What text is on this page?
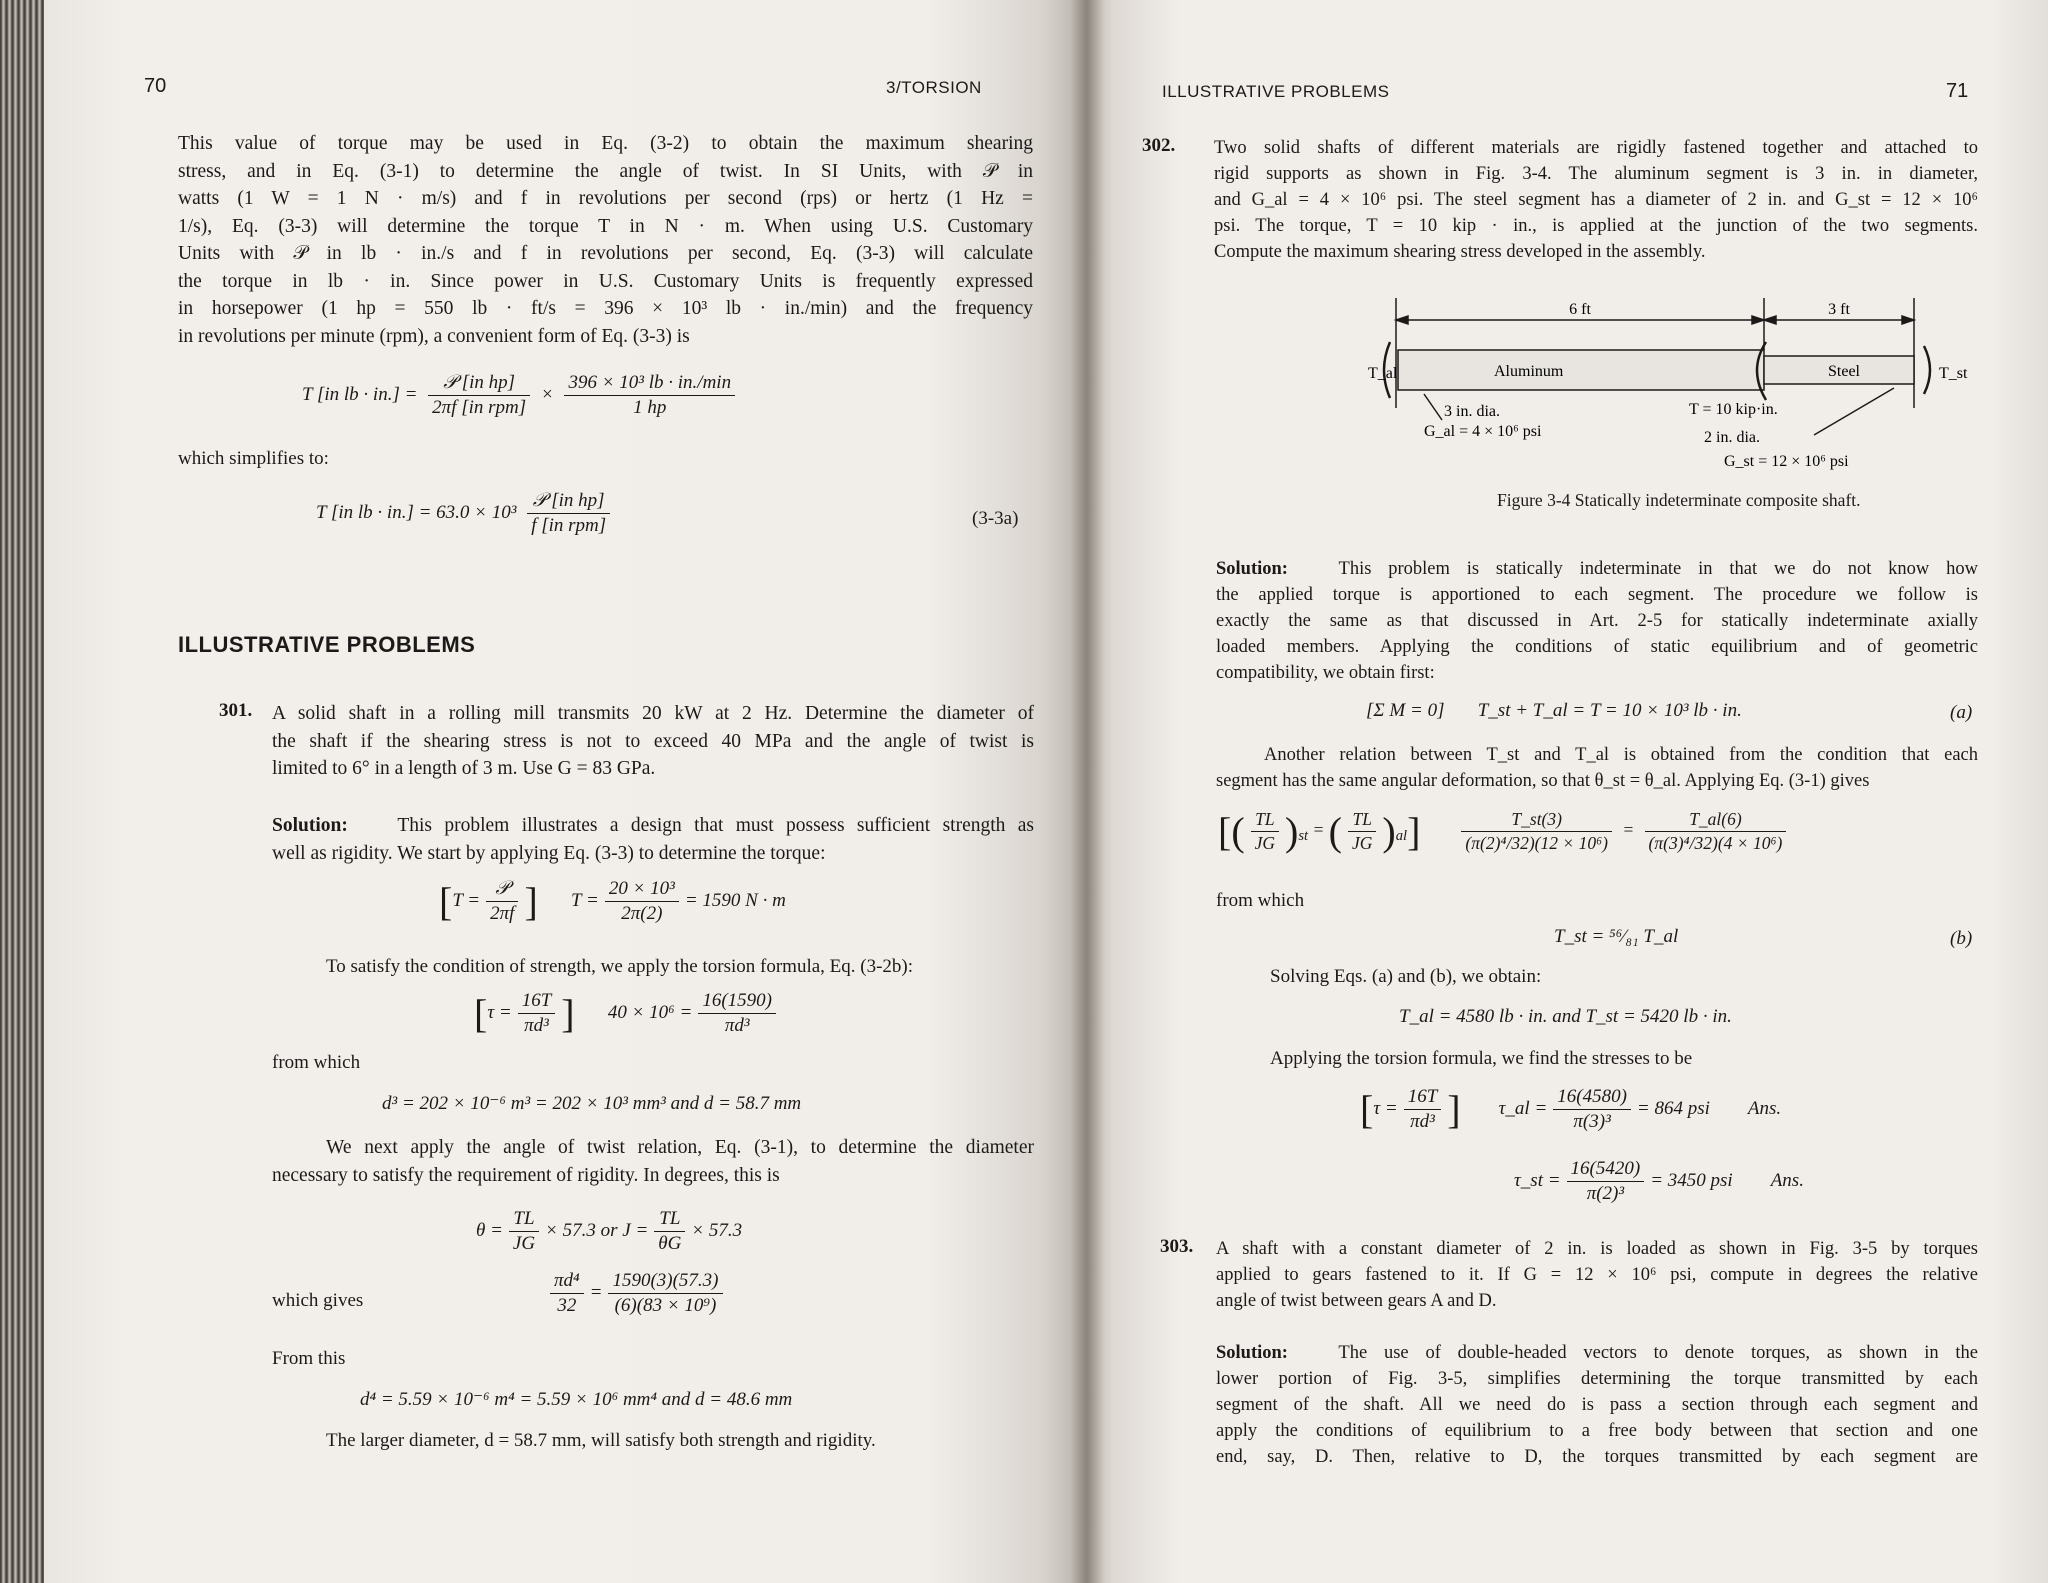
70	3/TORSION
This value of torque may be used in Eq. (3-2) to obtain the maximum shearing
stress, and in Eq. (3-1) to determine the angle of twist. In SI Units, with 𝒫 in
watts (1 W = 1 N · m/s) and f in revolutions per second (rps) or hertz (1 Hz =
1/s), Eq. (3-3) will determine the torque T in N · m. When using U.S. Customary
Units with 𝒫 in lb · in./s and f in revolutions per second, Eq. (3-3) will calculate
the torque in lb · in. Since power in U.S. Customary Units is frequently expressed
in horsepower (1 hp = 550 lb · ft/s = 396 × 10³ lb · in./min) and the frequency
in revolutions per minute (rpm), a convenient form of Eq. (3-3) is
T [in lb · $in.] = \frac{\text{𝒫 [in hp]}}{\text{2πf [in rpm]}} \times \frac{\text{396 × 10³ lb · in./min}}{1 hp}$
which simplifies to:
T [in lb · $in.] = 63.0 \times 10^3 \frac{\text{𝒫 [in hp]}}{\text{f [in rpm]}}$	(3-3a)
ILLUSTRATIVE PROBLEMS
301. A solid shaft in a rolling mill transmits 20 kW at 2 Hz. Determine the diameter of
the shaft if the shearing stress is not to exceed 40 MPa and the angle of twist is
limited to 6° in a length of 3 m. Use G = 83 GPa.
Solution:	This problem illustrates a design that must possess sufficient strength as
well as rigidity. We start by applying Eq. (3-3) to determine the torque:
[$T = \frac{\text{𝒫}}{2\pi f}$ ] $T = \frac{\text{20 × 10³}}{2\pi(2)} = 1590$ N · m
To satisfy the condition of strength, we apply the torsion formula, Eq. (3-2b):
[$\tau = \frac{16T}{\text{πd³}}$ ] $40 \times 10^6 = \frac{16(1590)}{\text{πd³}}$
from which
d³ = 202 × 10⁻⁶ m³ = 202 × 10³ mm³ and d = 58.7 mm
We next apply the angle of twist relation, Eq. (3-1), to determine the diameter
necessary to satisfy the requirement of rigidity. In degrees, this is
$\theta = \frac{TL}{JG} \times 57.3$ or $J = \frac{TL}{\theta G} \times 57.3$
which gives	$\frac{\text{πd⁴}}{32} = \frac{1590(3)(57.3)}{\text{(6)(83 × 10⁹)}}$
From this
d⁴ = 5.59 × 10⁻⁶ m⁴ = 5.59 × 10⁶ mm⁴ and d = 48.6 mm
The larger diameter, d = 58.7 mm, will satisfy both strength and rigidity.
ILLUSTRATIVE PROBLEMS	71
302. Two solid shafts of different materials are rigidly fastened together and attached to
rigid supports as shown in Fig. 3-4. The aluminum segment is 3 in. in diameter,
and G_al = 4 × 10⁶ psi. The steel segment has a diameter of 2 in. and G_st = 12 × 10⁶
psi. The torque, T = 10 kip · in., is applied at the junction of the two segments.
Compute the maximum shearing stress developed in the assembly.
6 ft	3 ft
Aluminum	Steel
T_al	T_st
3 in. dia.
G_al = 4 × 10⁶ psi
T = 10 kip·in.
2 in. dia.
G_st = 12 × 10⁶ psi
Figure 3-4 Statically indeterminate composite shaft.
Solution:	This problem is statically indeterminate in that we do not know how
the applied torque is apportioned to each segment. The procedure we follow is
exactly the same as that discussed in Art. 2-5 for statically indeterminate axially
loaded members. Applying the conditions of static equilibrium and of geometric
compatibility, we obtain first:
[Σ M = 0] T_st + T_al = T = 10 × 10³ lb · in.	(a)
Another relation between T_st and T_al is obtained from the condition that each
segment has the same angular deformation, so that θ_st = θ_al. Applying Eq. (3-1) gives
[( $\frac{TL}{JG} )_{st}$ = ( $\frac{TL}{JG} )_{al}] \frac{T\_st(3)}{\text{(π(2)⁴/32)(12 × 10⁶)}} = \frac{T\_al(6)}{\text{(π(3)⁴/32)(4 × 10⁶)}}$
from which
T_st = ⁵⁶⁄₈₁ T_al	(b)
Solving Eqs. (a) and (b), we obtain:
T_al = 4580 lb · in. and T_st = 5420 lb · in.
Applying the torsion formula, we find the stresses to be
[$\tau = \frac{16T}{\text{πd³}}$ ] τ_al = $\frac{16(4580)}{\text{π(3)³}} = 864$ psi Ans.
τ_st = $\frac{16(5420)}{\text{π(2)³}} = 3450$ psi Ans.
303. A shaft with a constant diameter of 2 in. is loaded as shown in Fig. 3-5 by torques
applied to gears fastened to it. If G = 12 × 10⁶ psi, compute in degrees the relative
angle of twist between gears A and D.
Solution:	The use of double-headed vectors to denote torques, as shown in the
lower portion of Fig. 3-5, simplifies determining the torque transmitted by each
segment of the shaft. All we need do is pass a section through each segment and
apply the conditions of equilibrium to a free body between that section and one
end, say, D. Then, relative to D, the torques transmitted by each segment are
